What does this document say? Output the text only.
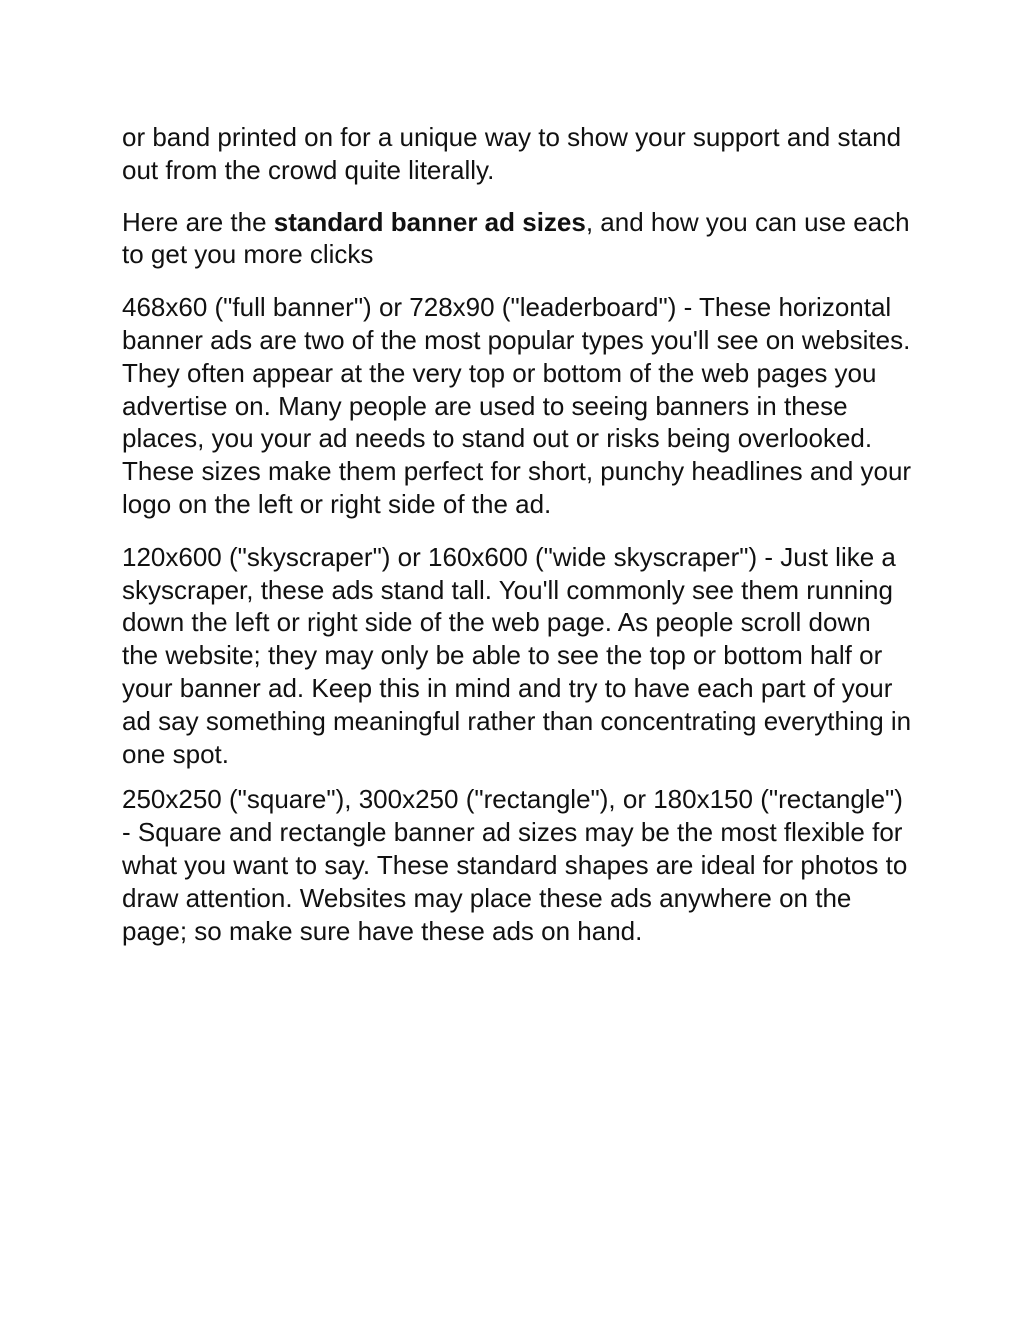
or band printed on for a unique way to show your support and stand out from the crowd quite literally.

Here are the standard banner ad sizes, and how you can use each to get you more clicks

468x60 ("full banner") or 728x90 ("leaderboard") - These horizontal banner ads are two of the most popular types you'll see on websites. They often appear at the very top or bottom of the web pages you advertise on. Many people are used to seeing banners in these places, you your ad needs to stand out or risks being overlooked. These sizes make them perfect for short, punchy headlines and your logo on the left or right side of the ad.

120x600 ("skyscraper") or 160x600 ("wide skyscraper") - Just like a skyscraper, these ads stand tall. You'll commonly see them running down the left or right side of the web page. As people scroll down the website; they may only be able to see the top or bottom half or your banner ad. Keep this in mind and try to have each part of your ad say something meaningful rather than concentrating everything in one spot.

250x250 ("square"), 300x250 ("rectangle"), or 180x150 ("rectangle") - Square and rectangle banner ad sizes may be the most flexible for what you want to say. These standard shapes are ideal for photos to draw attention. Websites may place these ads anywhere on the page; so make sure have these ads on hand.
